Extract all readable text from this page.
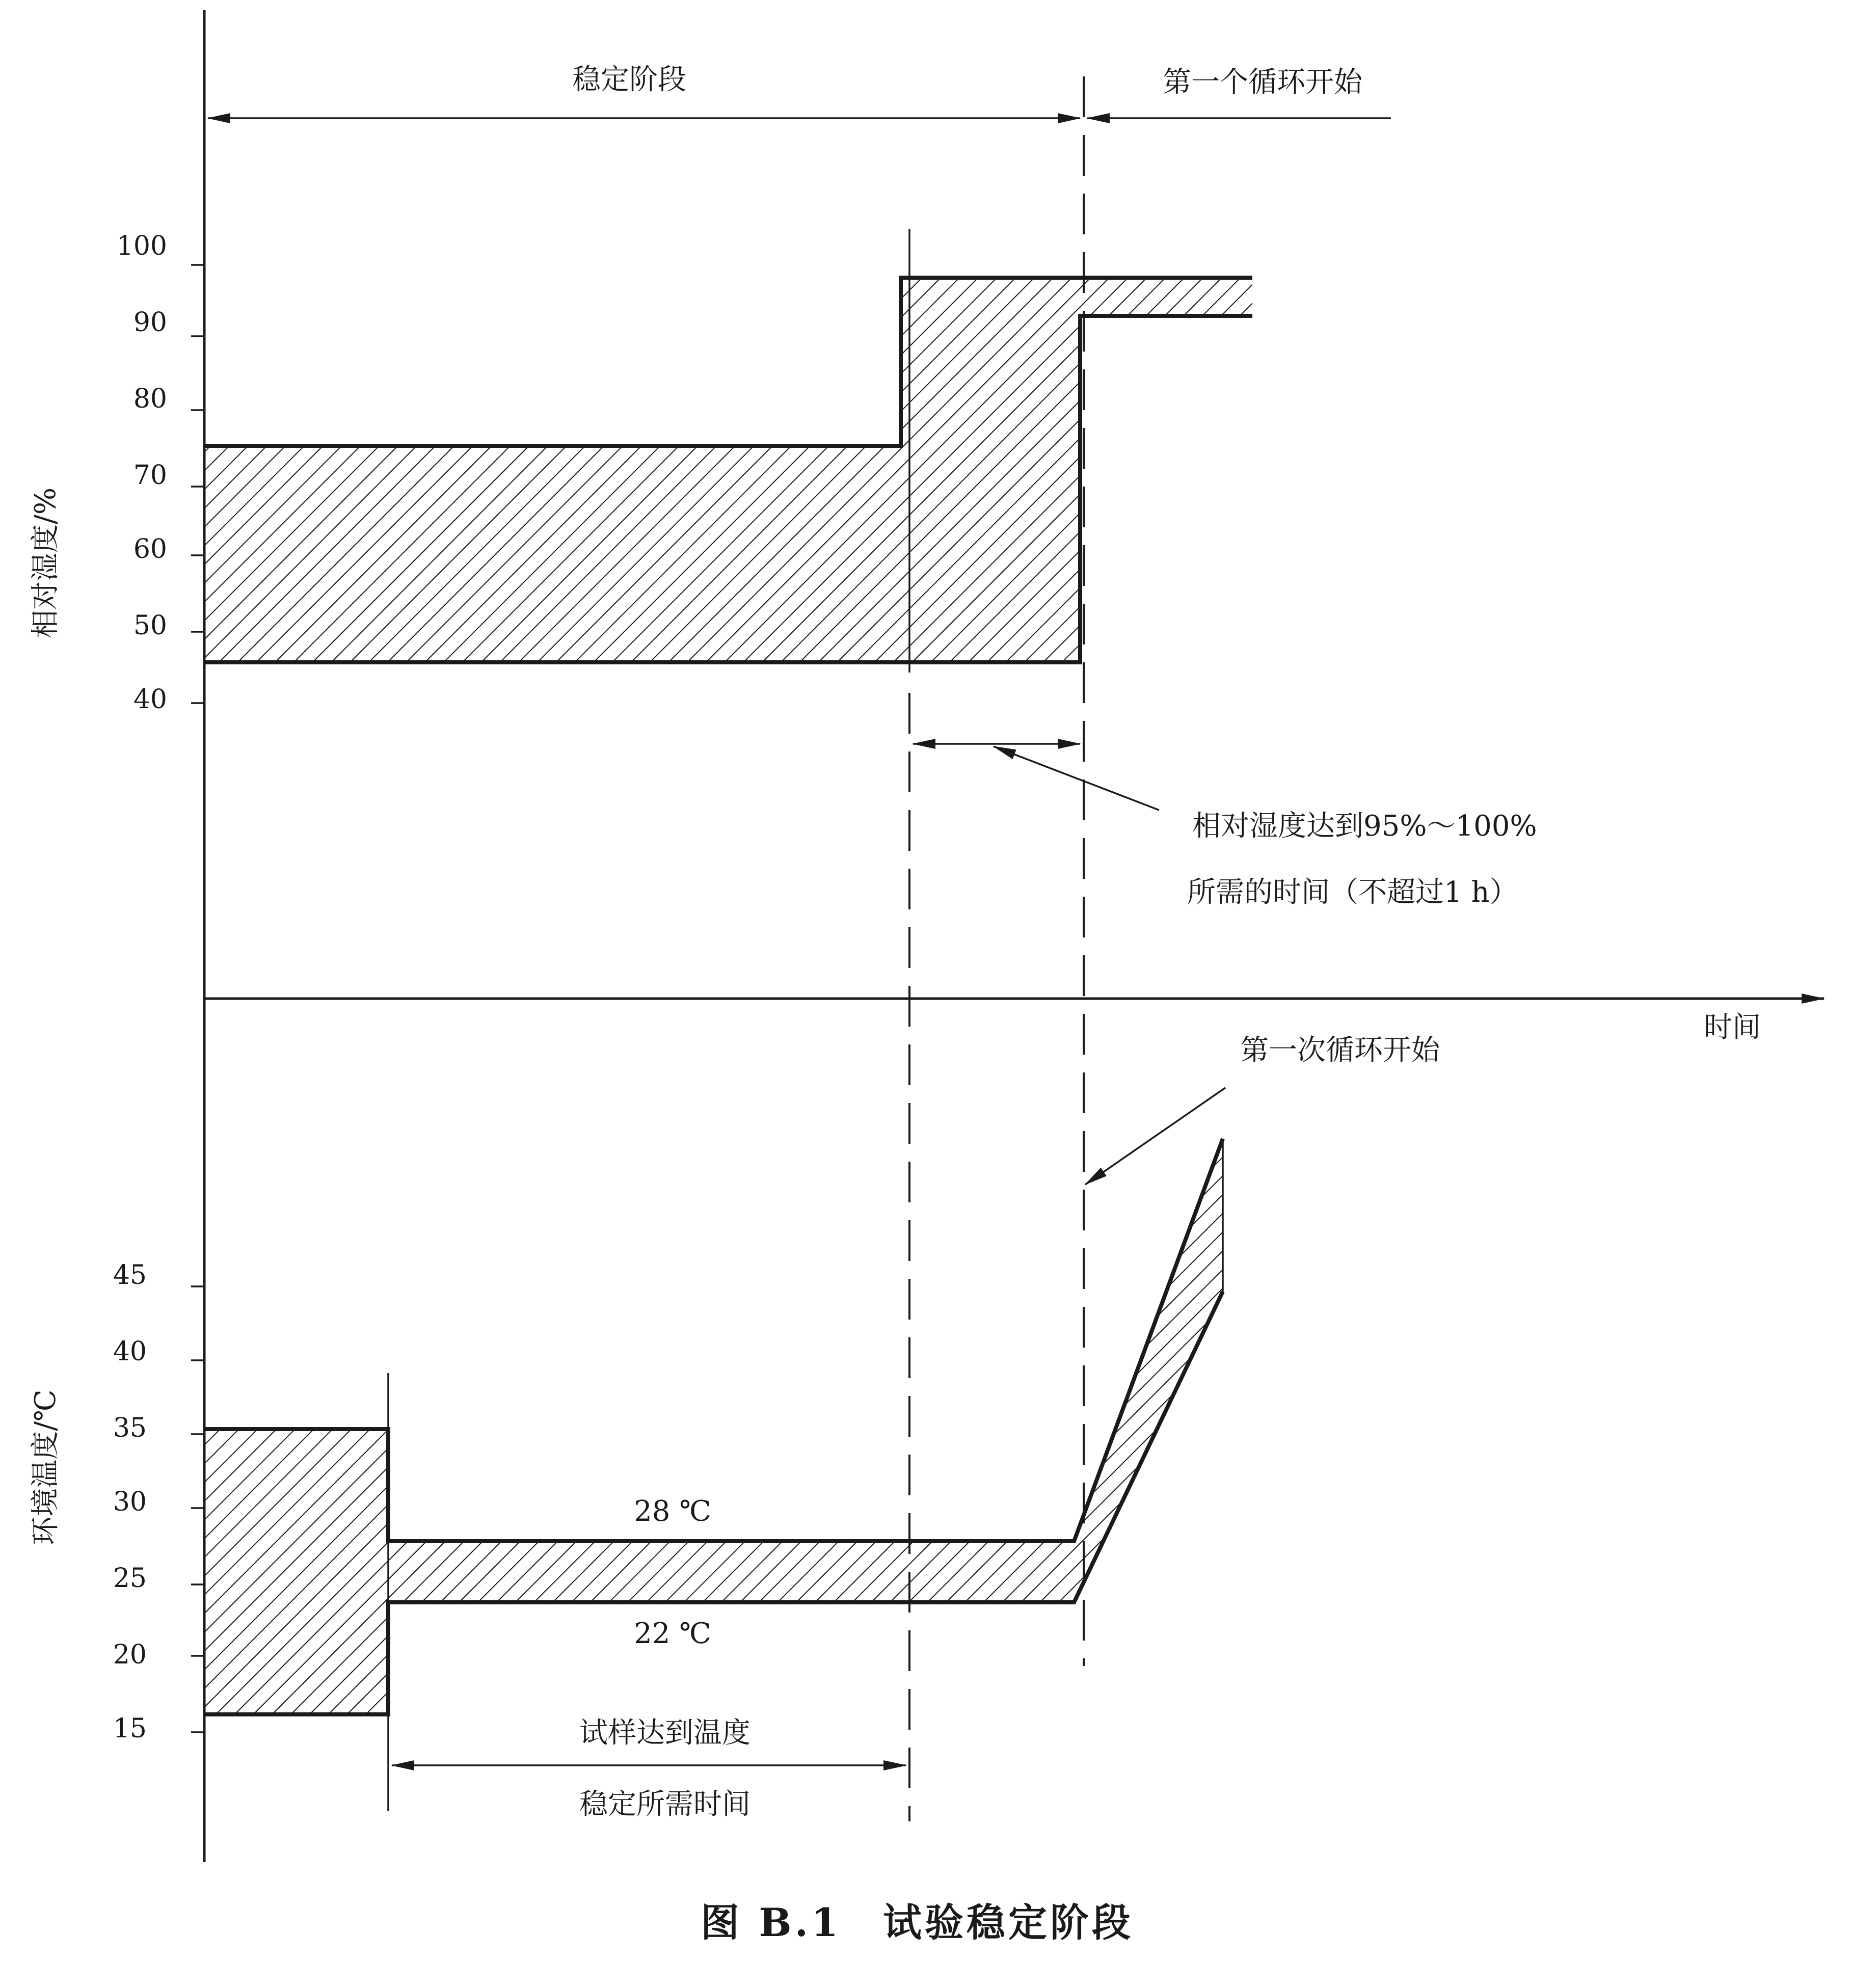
稳定阶段	第一个循环开始
100
90
80
70
60
50
40
相对湿度/%
相对湿度达到95%～100%
所需的时间（不超过1 h）
时间
第一次循环开始
45
40
35
30
25
20
15
环境温度/℃	28 ℃
22 ℃
试样达到温度
稳定所需时间
图 B.1　试验稳定阶段
